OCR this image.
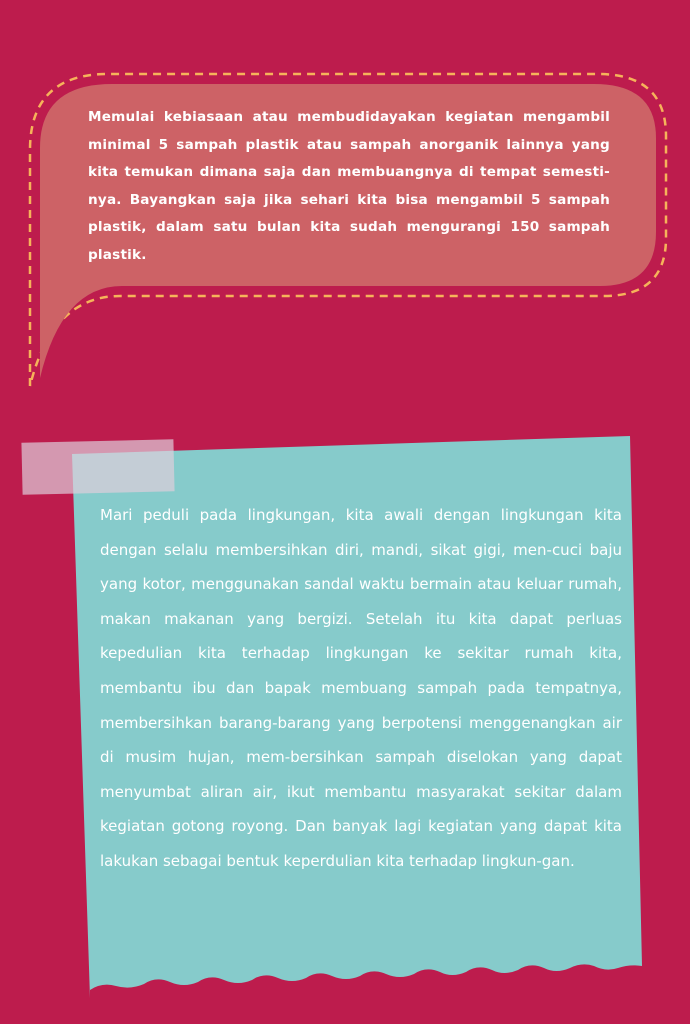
Memulai kebiasaan atau membudidayakan kegiatan mengambil minimal 5 sampah plastik atau sampah anorganik lainnya yang kita temukan dimana saja dan membuangnya di tempat semesti-nya. Bayangkan saja jika sehari kita bisa mengambil 5 sampah plastik, dalam satu bulan kita sudah mengurangi 150 sampah plastik.

Mari peduli pada lingkungan, kita awali dengan lingkungan kita dengan selalu membersihkan diri, mandi, sikat gigi, men-cuci baju yang kotor, menggunakan sandal waktu bermain atau keluar rumah, makan makanan yang bergizi. Setelah itu kita dapat perluas kepedulian kita terhadap lingkungan ke sekitar rumah kita, membantu ibu dan bapak membuang sampah pada tempatnya, membersihkan barang-barang yang berpotensi menggenangkan air di musim hujan, mem-bersihkan sampah diselokan yang dapat menyumbat aliran air, ikut membantu masyarakat sekitar dalam kegiatan gotong royong. Dan banyak lagi kegiatan yang dapat kita lakukan sebagai bentuk keperdulian kita terhadap lingkun-gan.
